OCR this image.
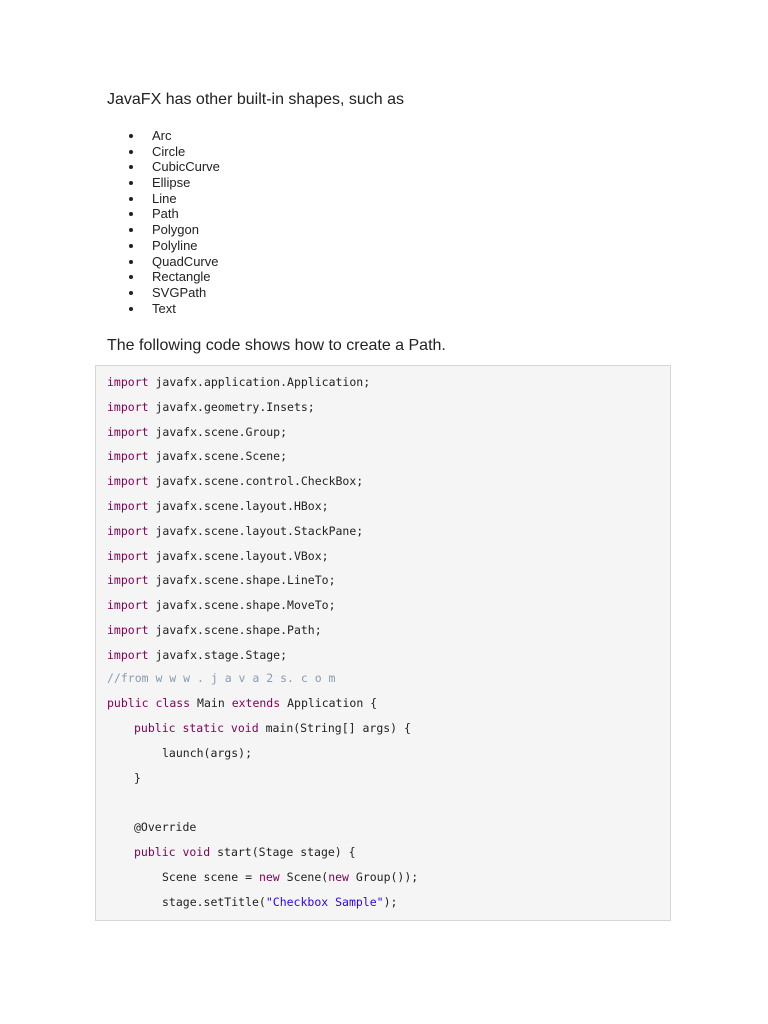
JavaFX has other built-in shapes, such as

Arc
Circle
CubicCurve
Ellipse
Line
Path
Polygon
Polyline
QuadCurve
Rectangle
SVGPath
Text

The following code shows how to create a Path.

import javafx.application.Application;
import javafx.geometry.Insets;
import javafx.scene.Group;
import javafx.scene.Scene;
import javafx.scene.control.CheckBox;
import javafx.scene.layout.HBox;
import javafx.scene.layout.StackPane;
import javafx.scene.layout.VBox;
import javafx.scene.shape.LineTo;
import javafx.scene.shape.MoveTo;
import javafx.scene.shape.Path;
import javafx.stage.Stage;
//from w w w . j a v a 2 s. c o m
public class Main extends Application {
public static void main(String[] args) {
launch(args);
}
@Override
public void start(Stage stage) {
Scene scene = new Scene(new Group());
stage.setTitle("Checkbox Sample");
